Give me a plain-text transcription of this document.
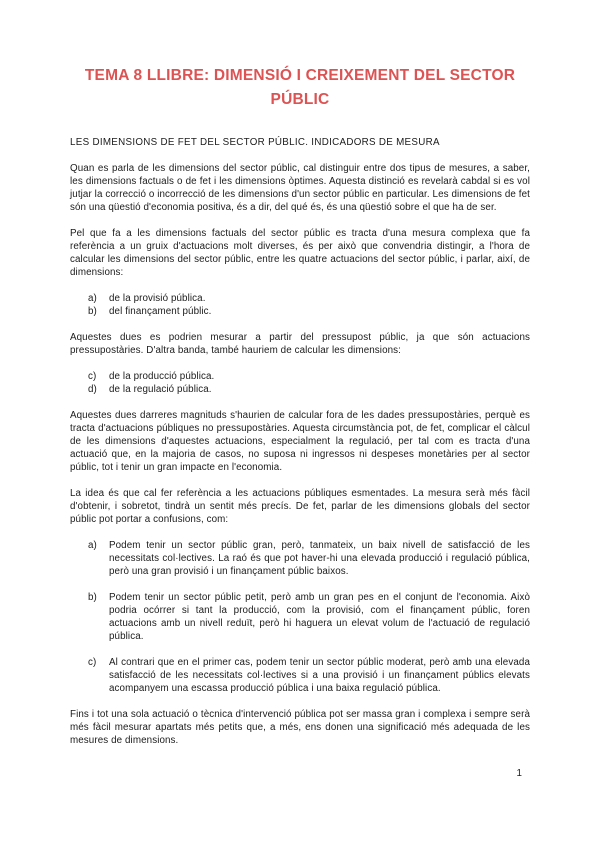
TEMA 8 LLIBRE: DIMENSIÓ I CREIXEMENT DEL SECTOR PÚBLIC
LES DIMENSIONS DE FET DEL SECTOR PÚBLIC. INDICADORS DE MESURA

Quan es parla de les dimensions del sector públic, cal distinguir entre dos tipus de mesures, a saber, les dimensions factuals o de fet i les dimensions òptimes. Aquesta distinció es revelarà cabdal si es vol jutjar la correcció o incorrecció de les dimensions d'un sector públic en particular. Les dimensions de fet són una qüestió d'economia positiva, és a dir, del qué és, és una qüestió sobre el que ha de ser.

Pel que fa a les dimensions factuals del sector públic es tracta d'una mesura complexa que fa referència a un gruix d'actuacions molt diverses, és per això que convendria distingir, a l'hora de calcular les dimensions del sector públic, entre les quatre actuacions del sector públic, i parlar, així, de dimensions:

a)	de la provisió pública.
b)	del finançament públic.

Aquestes dues es podrien mesurar a partir del pressupost públic, ja que són actuacions pressupostàries. D'altra banda, també hauriem de calcular les dimensions:

c)	de la producció pública.
d)	de la regulació pública.

Aquestes dues darreres magnituds s'haurien de calcular fora de les dades pressupostàries, perquè es tracta d'actuacions públiques no pressupostàries. Aquesta circumstància pot, de fet, complicar el càlcul de les dimensions d'aquestes actuacions, especialment la regulació, per tal com es tracta d'una actuació que, en la majoria de casos, no suposa ni ingressos ni despeses monetàries per al sector públic, tot i tenir un gran impacte en l'economia.

La idea és que cal fer referència a les actuacions públiques esmentades. La mesura serà més fàcil d'obtenir, i sobretot, tindrà un sentit més precís. De fet, parlar de les dimensions globals del sector públic pot portar a confusions, com:

a)	Podem tenir un sector públic gran, però, tanmateix, un baix nivell de satisfacció de les necessitats col·lectives. La raó és que pot haver-hi una elevada producció i regulació pública, però una gran provisió i un finançament públic baixos.
b)	Podem tenir un sector públic petit, però amb un gran pes en el conjunt de l'economia. Això podria ocórrer si tant la producció, com la provisió, com el finançament públic, foren actuacions amb un nivell reduït, però hi haguera un elevat volum de l'actuació de regulació pública.
c)	Al contrari que en el primer cas, podem tenir un sector públic moderat, però amb una elevada satisfacció de les necessitats col·lectives si a una provisió i un finançament públics elevats acompanyem una escassa producció pública i una baixa regulació pública.

Fins i tot una sola actuació o tècnica d'intervenció pública pot ser massa gran i complexa i sempre serà més fàcil mesurar apartats més petits que, a més, ens donen una significació més adequada de les mesures de dimensions.

1
